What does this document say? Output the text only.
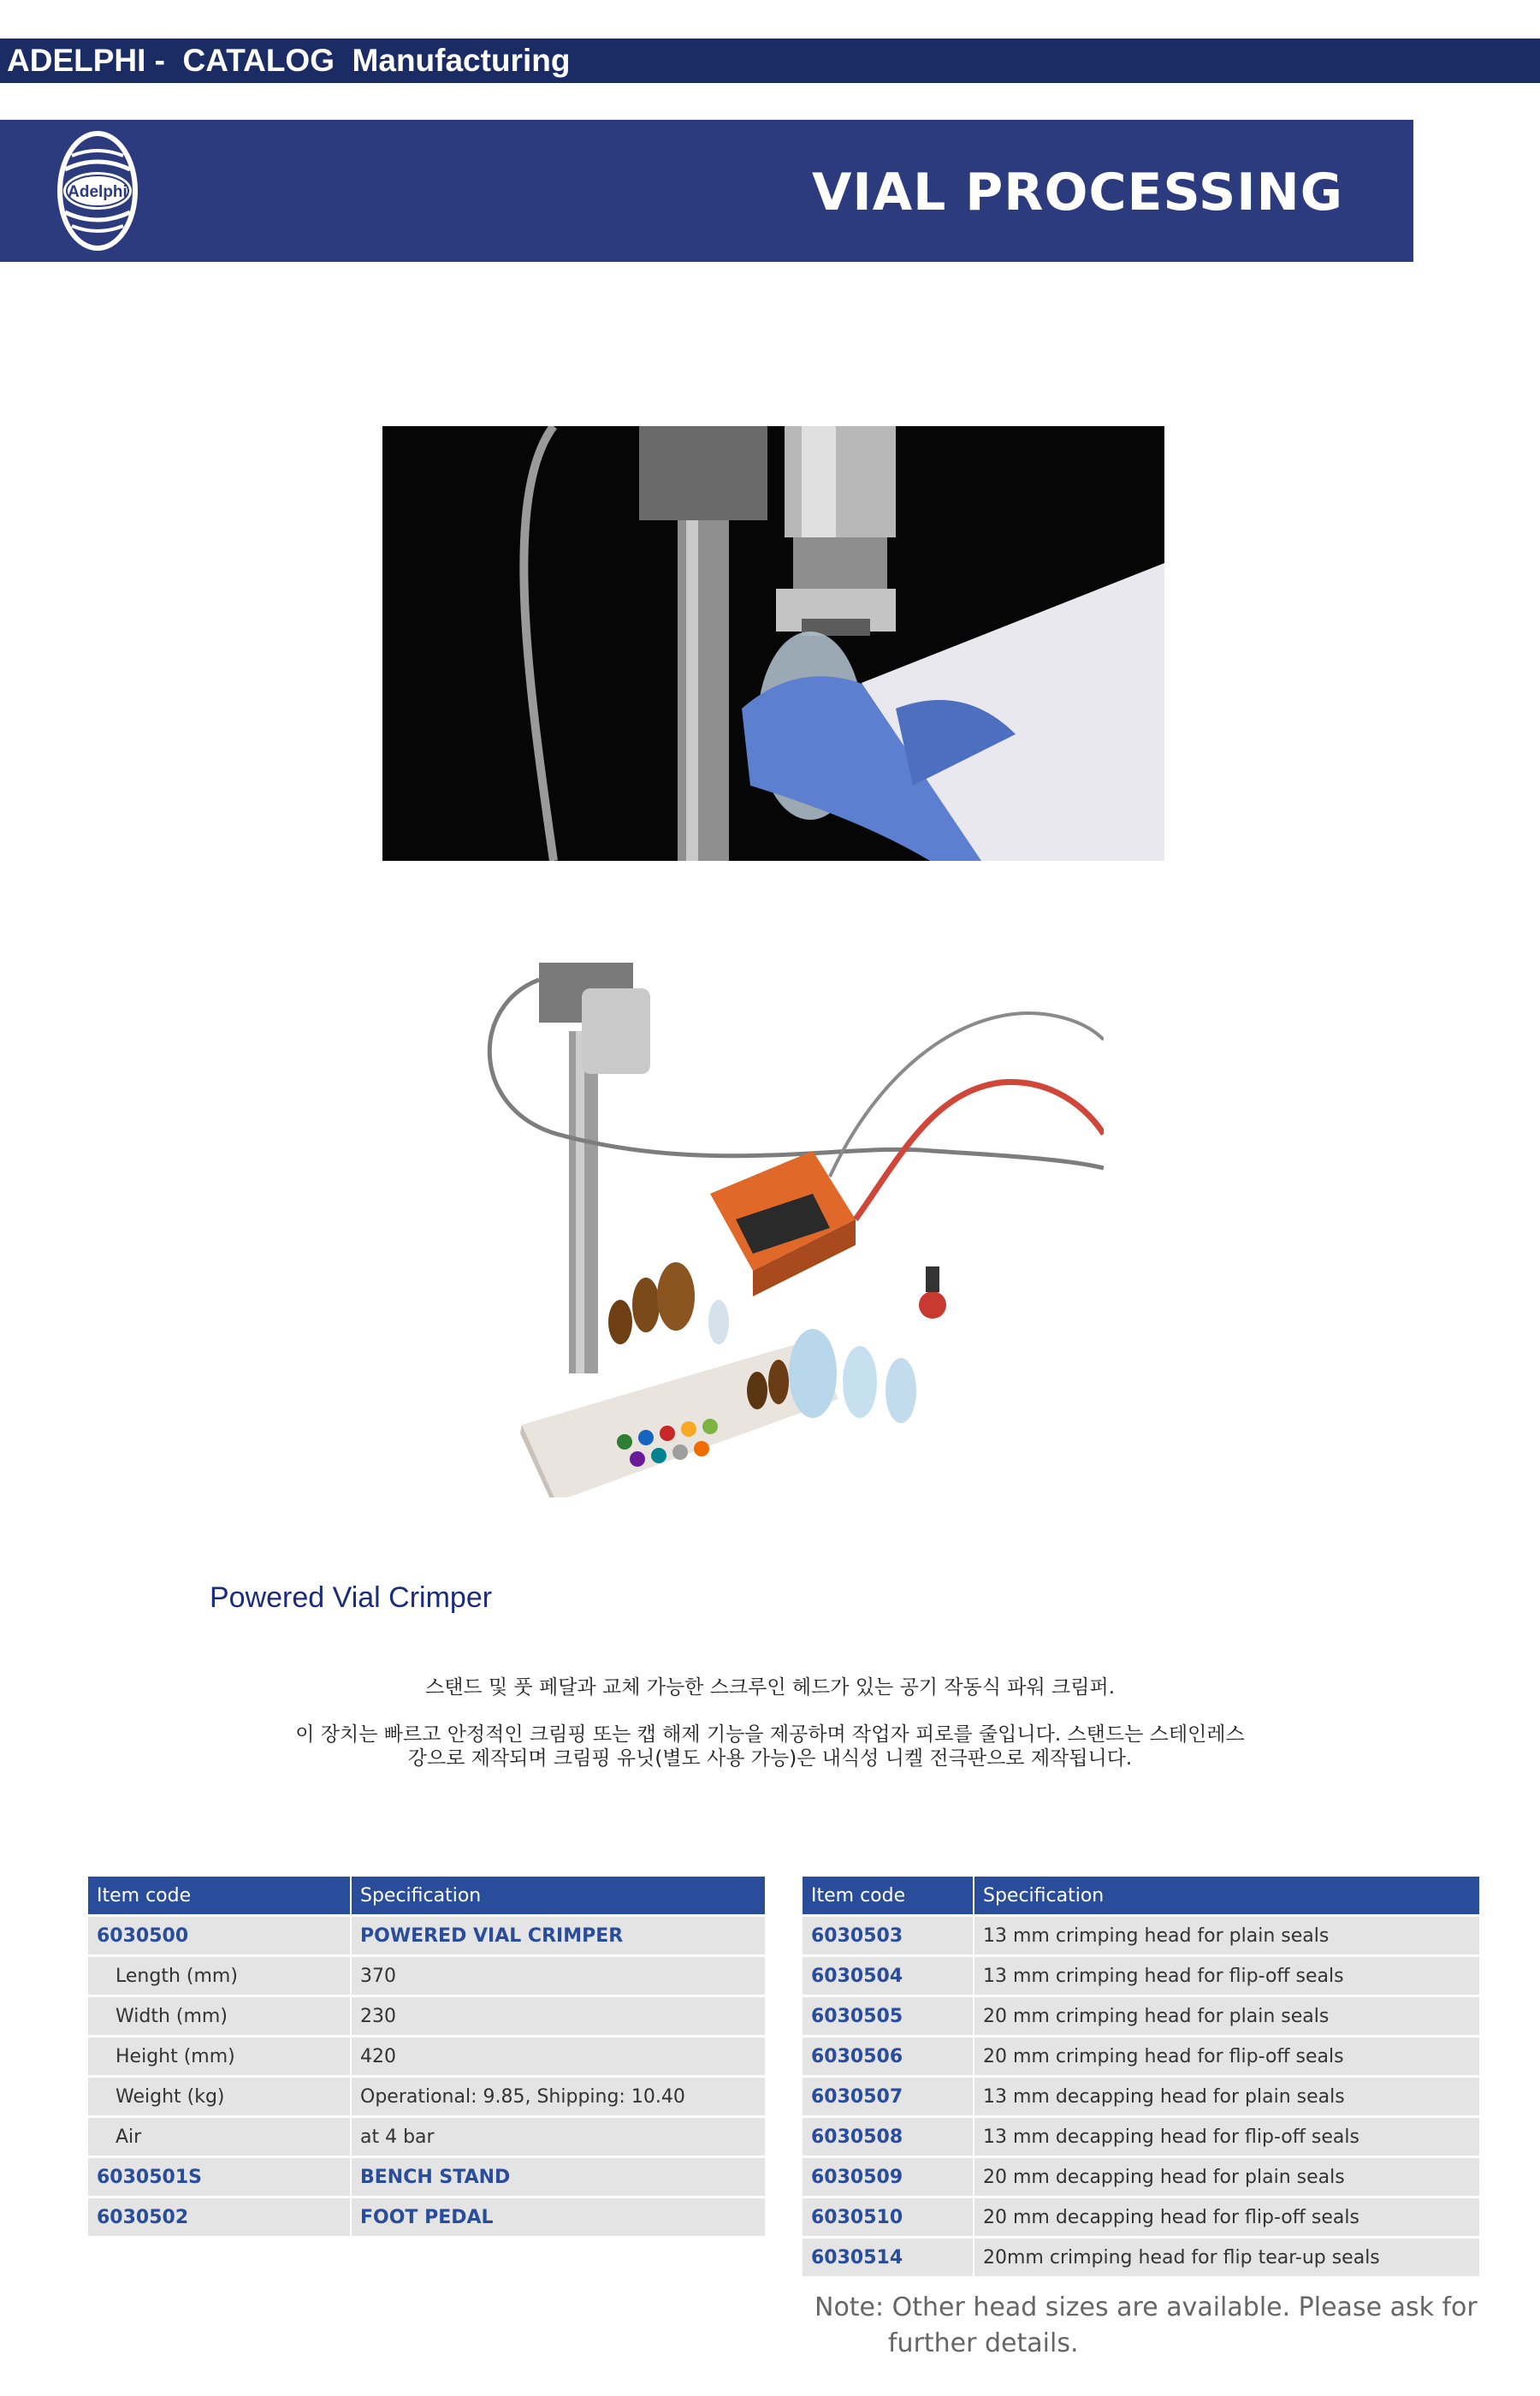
ADELPHI -  CATALOG  Manufacturing
Adelphi	VIAL PROCESSING
Powered Vial Crimper
스탠드 및 풋 페달과 교체 가능한 스크루인 헤드가 있는 공기 작동식 파워 크림퍼.
이 장치는 빠르고 안정적인 크림핑 또는 캡 해제 기능을 제공하며 작업자 피로를 줄입니다. 스탠드는 스테인레스
강으로 제작되며 크림핑 유닛(별도 사용 가능)은 내식성 니켈 전극판으로 제작됩니다.
Item code	Specification
6030500	POWERED VIAL CRIMPER
Length (mm)	370
Width (mm)	230
Height (mm)	420
Weight (kg)	Operational: 9.85, Shipping: 10.40
Air	at 4 bar
6030501S	BENCH STAND
6030502	FOOT PEDAL
Item code	Specification
6030503	13 mm crimping head for plain seals
6030504	13 mm crimping head for flip-off seals
6030505	20 mm crimping head for plain seals
6030506	20 mm crimping head for flip-off seals
6030507	13 mm decapping head for plain seals
6030508	13 mm decapping head for flip-off seals
6030509	20 mm decapping head for plain seals
6030510	20 mm decapping head for flip-off seals
6030514	20mm crimping head for flip tear-up seals
Note: Other head sizes are available. Please ask for
further details.
